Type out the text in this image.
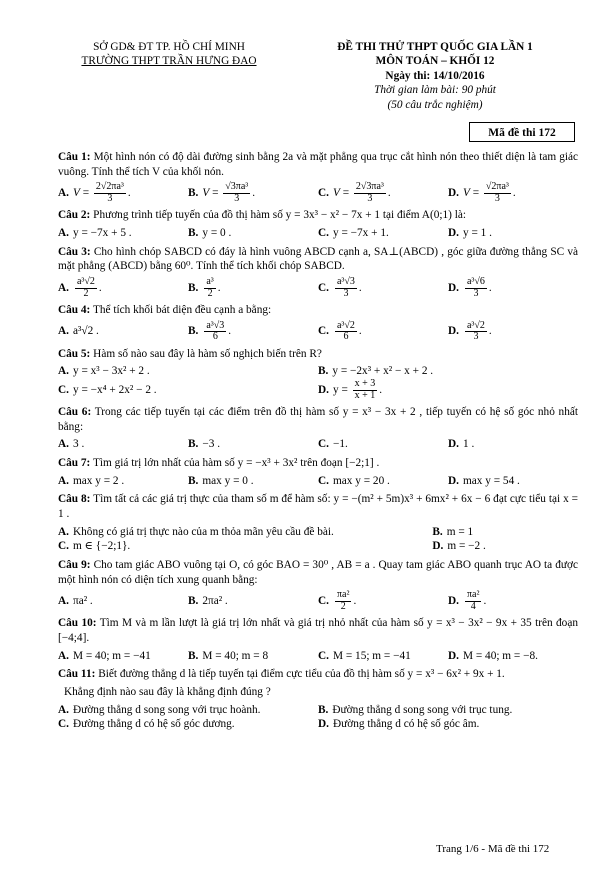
SỞ GD& ĐT TP. HỒ CHÍ MINH
TRƯỜNG THPT TRẦN HƯNG ĐẠO
ĐỀ THI THỬ THPT QUỐC GIA LẦN 1
MÔN TOÁN – KHỐI 12
Ngày thi: 14/10/2016
Thời gian làm bài: 90 phút
(50 câu trắc nghiệm)
Mã đề thi 172
Câu 1: Một hình nón có độ dài đường sinh bằng 2a và mặt phẳng qua trục cắt hình nón theo thiết diện là tam giác vuông. Tính thể tích V của khối nón.
A. $V = \frac{\text{2√2πa³}}{3}$ .	B. $V = \frac{\text{√3πa³}}{3}$ .	C. $V = \frac{\text{2√3πa³}}{3}$ .	D. $V = \frac{\text{√2πa³}}{3}$ .
Câu 2: Phương trình tiếp tuyến của đồ thị hàm số y = 3x³ − x² − 7x + 1 tại điểm A(0;1) là:
A. y = −7x + 5 .	B. y = 0 .	C. y = −7x + 1.	D. y = 1 .
Câu 3: Cho hình chóp SABCD có đáy là hình vuông ABCD cạnh a, SA⊥(ABCD) , góc giữa đường thẳng SC và mặt phẳng (ABCD) bằng 60⁰. Tính thể tích khối chóp SABCD.
A. $\frac{\text{a³√2}}{2}$ .	B. $\frac{\text{a³}}{2}$ .	C. $\frac{\text{a³√3}}{3}$ .	D. $\frac{\text{a³√6}}{3}$ .
Câu 4: Thể tích khối bát diện đều cạnh a bằng:
A. a³√2 .	B. $\frac{\text{a³√3}}{6}$ .	C. $\frac{\text{a³√2}}{6}$ .	D. $\frac{\text{a³√2}}{3}$ .
Câu 5: Hàm số nào sau đây là hàm số nghịch biến trên R?
A. y = x³ − 3x² + 2 .	B. y = −2x³ + x² − x + 2 .
C. y = −x⁴ + 2x² − 2 .	D. $y = \frac{x + 3}{x + 1}$ .
Câu 6: Trong các tiếp tuyến tại các điểm trên đồ thị hàm số y = x³ − 3x + 2 , tiếp tuyến có hệ số góc nhỏ nhất bằng:
A. 3 .	B. −3 .	C. −1.	D. 1 .
Câu 7: Tìm giá trị lớn nhất của hàm số y = −x³ + 3x² trên đoạn [−2;1] .
A. max y = 2 .	B. max y = 0 .	C. max y = 20 .	D. max y = 54 .
Câu 8: Tìm tất cả các giá trị thực của tham số m để hàm số: y = −(m² + 5m)x³ + 6mx² + 6x − 6 đạt cực tiểu tại x = 1 .
A. Không có giá trị thực nào của m thỏa mãn yêu cầu đề bài.	B. m = 1
C. m ∈ {−2;1}.	D. m = −2 .
Câu 9: Cho tam giác ABO vuông tại O, có góc BAO = 30⁰ , AB = a . Quay tam giác ABO quanh trục AO ta được một hình nón có diện tích xung quanh bằng:
A. πa² .	B. 2πa² .	C. $\frac{\text{πa²}}{2}$ .	D. $\frac{\text{πa²}}{4}$ .
Câu 10: Tìm M và m lần lượt là giá trị lớn nhất và giá trị nhỏ nhất của hàm số y = x³ − 3x² − 9x + 35 trên đoạn [−4;4].
A. M = 40; m = −41	B. M = 40; m = 8	C. M = 15; m = −41	D. M = 40; m = −8.
Câu 11: Biết đường thẳng d là tiếp tuyến tại điểm cực tiểu của đồ thị hàm số y = x³ − 6x² + 9x + 1.
Khẳng định nào sau đây là khẳng định đúng ?
A. Đường thẳng d song song với trục hoành.	B. Đường thẳng d song song với trục tung.
C. Đường thẳng d có hệ số góc dương.	D. Đường thẳng d có hệ số góc âm.
Trang 1/6 - Mã đề thi 172
